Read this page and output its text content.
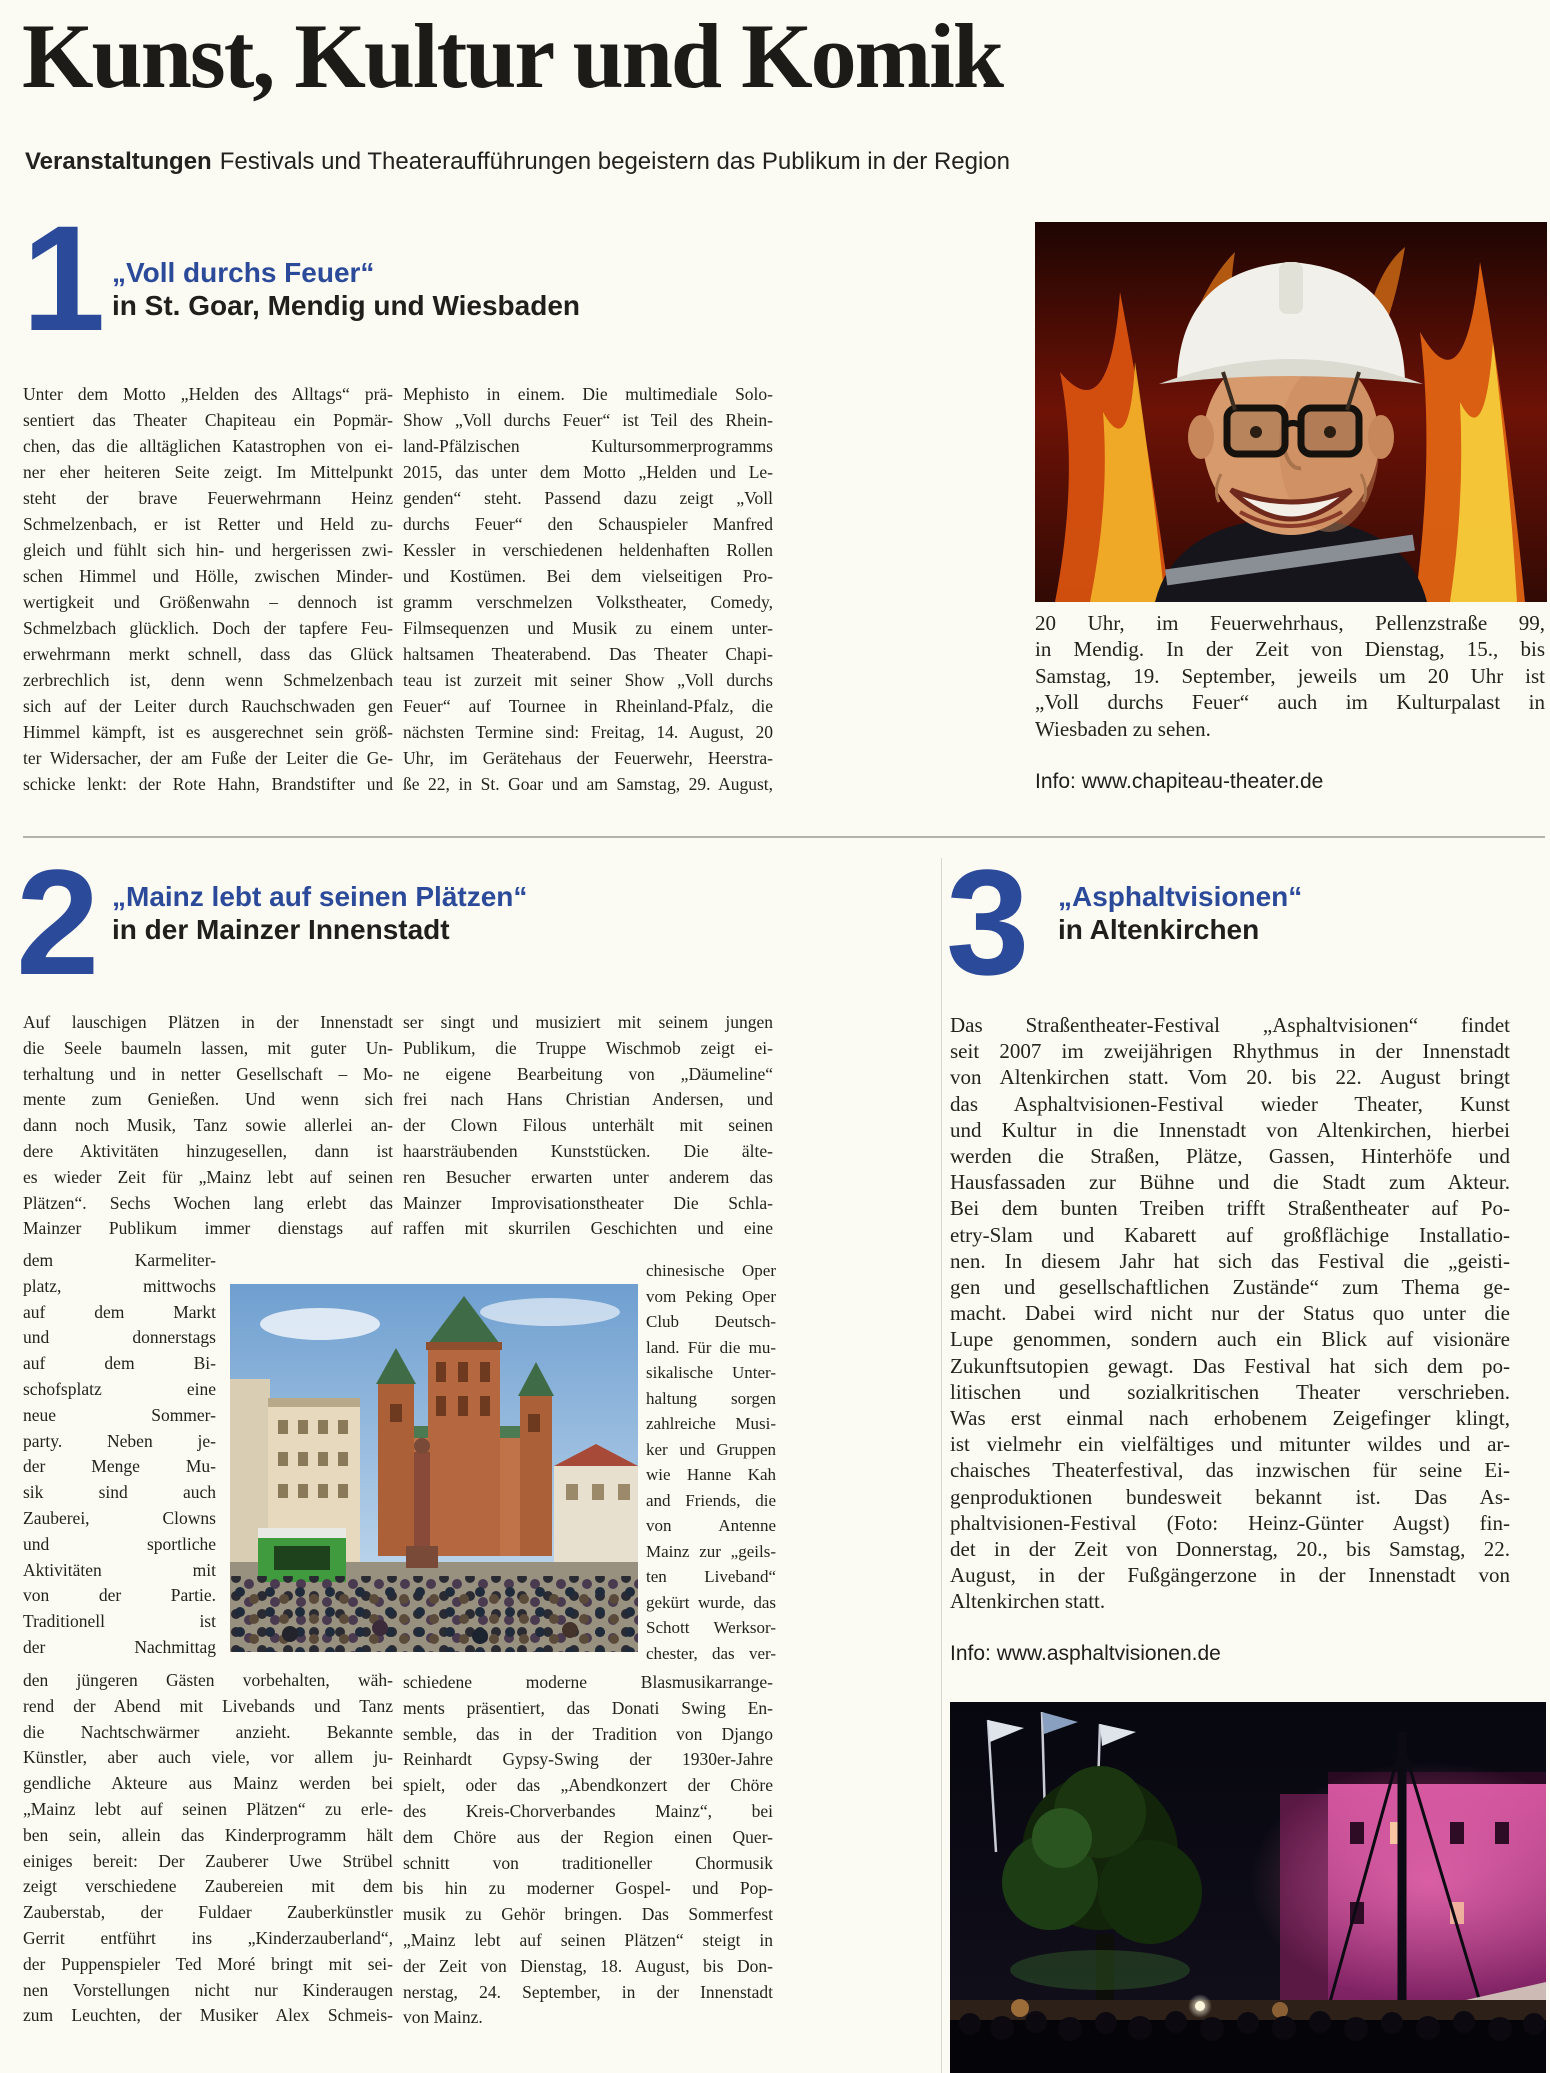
Kunst, Kultur und Komik
Veranstaltungen Festivals und Theateraufführungen begeistern das Publikum in der Region
1 „Voll durchs Feuer“
in St. Goar, Mendig und Wiesbaden
Unter dem Motto „Helden des Alltags“ prä-
sentiert das Theater Chapiteau ein Popmär-
chen, das die alltäglichen Katastrophen von ei-
ner eher heiteren Seite zeigt. Im Mittelpunkt
steht der brave Feuerwehrmann Heinz
Schmelzenbach, er ist Retter und Held zu-
gleich und fühlt sich hin- und hergerissen zwi-
schen Himmel und Hölle, zwischen Minder-
wertigkeit und Größenwahn – dennoch ist
Schmelzbach glücklich. Doch der tapfere Feu-
erwehrmann merkt schnell, dass das Glück
zerbrechlich ist, denn wenn Schmelzenbach
sich auf der Leiter durch Rauchschwaden gen
Himmel kämpft, ist es ausgerechnet sein größ-
ter Widersacher, der am Fuße der Leiter die Ge-
schicke lenkt: der Rote Hahn, Brandstifter und
Mephisto in einem. Die multimediale Solo-
Show „Voll durchs Feuer“ ist Teil des Rhein-
land-Pfälzischen Kultursommerprogramms
2015, das unter dem Motto „Helden und Le-
genden“ steht. Passend dazu zeigt „Voll
durchs Feuer“ den Schauspieler Manfred
Kessler in verschiedenen heldenhaften Rollen
und Kostümen. Bei dem vielseitigen Pro-
gramm verschmelzen Volkstheater, Comedy,
Filmsequenzen und Musik zu einem unter-
haltsamen Theaterabend. Das Theater Chapi-
teau ist zurzeit mit seiner Show „Voll durchs
Feuer“ auf Tournee in Rheinland-Pfalz, die
nächsten Termine sind: Freitag, 14. August, 20
Uhr, im Gerätehaus der Feuerwehr, Heerstra-
ße 22, in St. Goar und am Samstag, 29. August,
20 Uhr, im Feuerwehrhaus, Pellenzstraße 99,
in Mendig. In der Zeit von Dienstag, 15., bis
Samstag, 19. September, jeweils um 20 Uhr ist
„Voll durchs Feuer“ auch im Kulturpalast in
Wiesbaden zu sehen.
Info: www.chapiteau-theater.de
2 „Mainz lebt auf seinen Plätzen“
in der Mainzer Innenstadt
Auf lauschigen Plätzen in der Innenstadt
die Seele baumeln lassen, mit guter Un-
terhaltung und in netter Gesellschaft – Mo-
mente zum Genießen. Und wenn sich
dann noch Musik, Tanz sowie allerlei an-
dere Aktivitäten hinzugesellen, dann ist
es wieder Zeit für „Mainz lebt auf seinen
Plätzen“. Sechs Wochen lang erlebt das
Mainzer Publikum immer dienstags auf
dem Karmeliter-
platz, mittwochs
auf dem Markt
und donnerstags
auf dem Bi-
schofsplatz eine
neue Sommer-
party. Neben je-
der Menge Mu-
sik sind auch
Zauberei, Clowns
und sportliche
Aktivitäten mit
von der Partie.
Traditionell ist
der Nachmittag
den jüngeren Gästen vorbehalten, wäh-
rend der Abend mit Livebands und Tanz
die Nachtschwärmer anzieht. Bekannte
Künstler, aber auch viele, vor allem ju-
gendliche Akteure aus Mainz werden bei
„Mainz lebt auf seinen Plätzen“ zu erle-
ben sein, allein das Kinderprogramm hält
einiges bereit: Der Zauberer Uwe Strübel
zeigt verschiedene Zaubereien mit dem
Zauberstab, der Fuldaer Zauberkünstler
Gerrit entführt ins „Kinderzauberland“,
der Puppenspieler Ted Moré bringt mit sei-
nen Vorstellungen nicht nur Kinderaugen
zum Leuchten, der Musiker Alex Schmeis-
ser singt und musiziert mit seinem jungen
Publikum, die Truppe Wischmob zeigt ei-
ne eigene Bearbeitung von „Däumeline“
frei nach Hans Christian Andersen, und
der Clown Filous unterhält mit seinen
haarsträubenden Kunststücken. Die älte-
ren Besucher erwarten unter anderem das
Mainzer Improvisationstheater Die Schla-
raffen mit skurrilen Geschichten und eine
chinesische Oper
vom Peking Oper
Club Deutsch-
land. Für die mu-
sikalische Unter-
haltung sorgen
zahlreiche Musi-
ker und Gruppen
wie Hanne Kah
and Friends, die
von Antenne
Mainz zur „geils-
ten Liveband“
gekürt wurde, das
Schott Werksor-
chester, das ver-
schiedene moderne Blasmusikarrange-
ments präsentiert, das Donati Swing En-
semble, das in der Tradition von Django
Reinhardt Gypsy-Swing der 1930er-Jahre
spielt, oder das „Abendkonzert der Chöre
des Kreis-Chorverbandes Mainz“, bei
dem Chöre aus der Region einen Quer-
schnitt von traditioneller Chormusik
bis hin zu moderner Gospel- und Pop-
musik zu Gehör bringen. Das Sommerfest
„Mainz lebt auf seinen Plätzen“ steigt in
der Zeit von Dienstag, 18. August, bis Don-
nerstag, 24. September, in der Innenstadt
von Mainz.
3 „Asphaltvisionen“
in Altenkirchen
Das Straßentheater-Festival „Asphaltvisionen“ findet
seit 2007 im zweijährigen Rhythmus in der Innenstadt
von Altenkirchen statt. Vom 20. bis 22. August bringt
das Asphaltvisionen-Festival wieder Theater, Kunst
und Kultur in die Innenstadt von Altenkirchen, hierbei
werden die Straßen, Plätze, Gassen, Hinterhöfe und
Hausfassaden zur Bühne und die Stadt zum Akteur.
Bei dem bunten Treiben trifft Straßentheater auf Po-
etry-Slam und Kabarett auf großflächige Installatio-
nen. In diesem Jahr hat sich das Festival die „geisti-
gen und gesellschaftlichen Zustände“ zum Thema ge-
macht. Dabei wird nicht nur der Status quo unter die
Lupe genommen, sondern auch ein Blick auf visionäre
Zukunftsutopien gewagt. Das Festival hat sich dem po-
litischen und sozialkritischen Theater verschrieben.
Was erst einmal nach erhobenem Zeigefinger klingt,
ist vielmehr ein vielfältiges und mitunter wildes und ar-
chaisches Theaterfestival, das inzwischen für seine Ei-
genproduktionen bundesweit bekannt ist. Das As-
phaltvisionen-Festival (Foto: Heinz-Günter Augst) fin-
det in der Zeit von Donnerstag, 20., bis Samstag, 22.
August, in der Fußgängerzone in der Innenstadt von
Altenkirchen statt.
Info: www.asphaltvisionen.de
